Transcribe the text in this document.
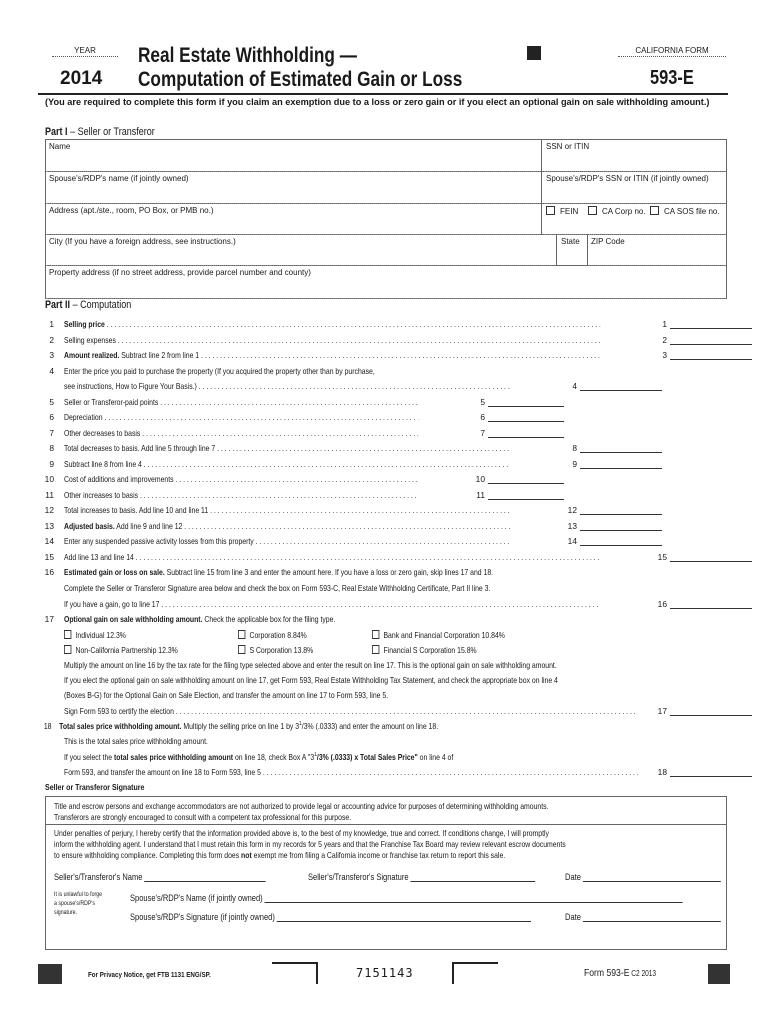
YEAR
2014
Real Estate Withholding —
Computation of Estimated Gain or Loss
CALIFORNIA FORM
593-E
(You are required to complete this form if you claim an exemption due to a loss or zero gain or if you elect an optional gain on sale withholding amount.)
Part I – Seller or Transferor
Name	SSN or ITIN
Spouse's/RDP's name (if jointly owned)	Spouse's/RDP's SSN or ITIN (if jointly owned)
Address (apt./ste., room, PO Box, or PMB no.)	FEIN	CA Corp no.	CA SOS file no.
City (If you have a foreign address, see instructions.)	State ZIP Code
Property address (if no street address, provide parcel number and county)
Part II – Computation
1 Selling price . . .	1
2 Selling expenses . . .	2
3 Amount realized. Subtract line 2 from line 1 . . .	3
4 Enter the price you paid to purchase the property (If you acquired the property other than by purchase,
see instructions, How to Figure Your Basis.) . . .	4
5 Seller or Transferor-paid points . . .	5
6 Depreciation . . .	6
7 Other decreases to basis . . .	7
8 Total decreases to basis. Add line 5 through line 7 . . .	8
9 Subtract line 8 from line 4 . . .	9
10 Cost of additions and improvements . . .	10
11 Other increases to basis . . .	11
12 Total increases to basis. Add line 10 and line 11 . . .	12
13 Adjusted basis. Add line 9 and line 12 . . .	13
14 Enter any suspended passive activity losses from this property . . .	14
15 Add line 13 and line 14 . . .	15
16 Estimated gain or loss on sale. Subtract line 15 from line 3 and enter the amount here. If you have a loss or zero gain, skip lines 17 and 18.
Complete the Seller or Transferor Signature area below and check the box on Form 593-C, Real Estate Withholding Certificate, Part II line 3.
If you have a gain, go to line 17 . . .	16
17 Optional gain on sale withholding amount. Check the applicable box for the filing type.
Individual 12.3%	Corporation 8.84%	Bank and Financial Corporation 10.84%
Non-California Partnership 12.3%	S Corporation 13.8%	Financial S Corporation 15.8%
Multiply the amount on line 16 by the tax rate for the filing type selected above and enter the result on line 17. This is the optional gain on sale withholding amount.
If you elect the optional gain on sale withholding amount on line 17, get Form 593, Real Estate Withholding Tax Statement, and check the appropriate box on line 4
(Boxes B-G) for the Optional Gain on Sale Election, and transfer the amount on line 17 to Form 593, line 5.
Sign Form 593 to certify the election . . .	17
18 Total sales price withholding amount. Multiply the selling price on line 1 by $3^1/3\%$ (.0333) and enter the amount on line 18.
This is the total sales price withholding amount.
If you select the total sales price withholding amount on line 18, check Box A "$3^1/3\%$ (.0333) x Total Sales Price" on line 4 of
Form 593, and transfer the amount on line 18 to Form 593, line 5 . . .	18
Seller or Transferor Signature
Title and escrow persons and exchange accommodators are not authorized to provide legal or accounting advice for purposes of determining withholding amounts.
Transferors are strongly encouraged to consult with a competent tax professional for this purpose.
Under penalties of perjury, I hereby certify that the information provided above is, to the best of my knowledge, true and correct. If conditions change, I will promptly
inform the withholding agent. I understand that I must retain this form in my records for 5 years and that the Franchise Tax Board may review relevant escrow documents
to ensure withholding compliance. Completing this form does not exempt me from filing a California income or franchise tax return to report this sale.
Seller's/Transferor's Name	Seller's/Transferor's Signature	Date
It is unlawful to forge
a spouse's/RDP's
signature.
Spouse's/RDP's Name (if jointly owned)
Spouse's/RDP's Signature (if jointly owned)	Date
For Privacy Notice, get FTB 1131 ENG/SP.	7151143	Form 593-E C2 2013
